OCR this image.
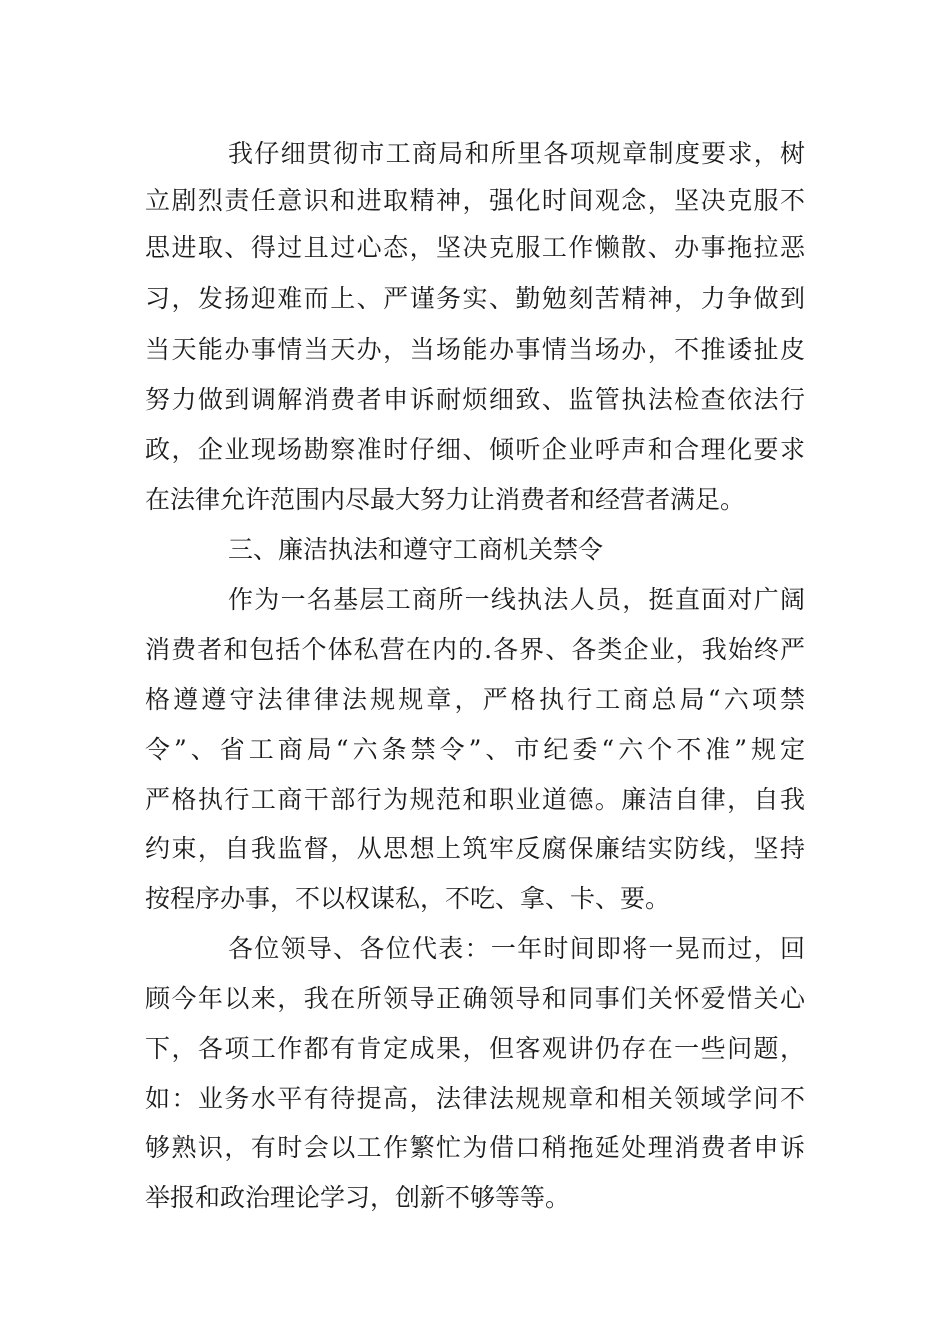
我仔细贯彻市工商局和所里各项规章制度要求，树
立剧烈责任意识和进取精神，强化时间观念，坚决克服不
思进取、得过且过心态，坚决克服工作懒散、办事拖拉恶
习，发扬迎难而上、严谨务实、勤勉刻苦精神，力争做到
当天能办事情当天办，当场能办事情当场办，不推诿扯皮
努力做到调解消费者申诉耐烦细致、监管执法检查依法行
政，企业现场勘察准时仔细、倾听企业呼声和合理化要求
在法律允许范围内尽最大努力让消费者和经营者满足。
三、廉洁执法和遵守工商机关禁令
作为一名基层工商所一线执法人员，挺直面对广阔
消费者和包括个体私营在内的.各界、各类企业，我始终严
格遵遵守法律律法规规章，严格执行工商总局“六项禁
令”、省工商局“六条禁令”、市纪委“六个不准”规定
严格执行工商干部行为规范和职业道德。廉洁自律，自我
约束，自我监督，从思想上筑牢反腐保廉结实防线，坚持
按程序办事，不以权谋私，不吃、拿、卡、要。
各位领导、各位代表：一年时间即将一晃而过，回
顾今年以来，我在所领导正确领导和同事们关怀爱惜关心
下，各项工作都有肯定成果，但客观讲仍存在一些问题，
如：业务水平有待提高，法律法规规章和相关领域学问不
够熟识，有时会以工作繁忙为借口稍拖延处理消费者申诉
举报和政治理论学习，创新不够等等。
